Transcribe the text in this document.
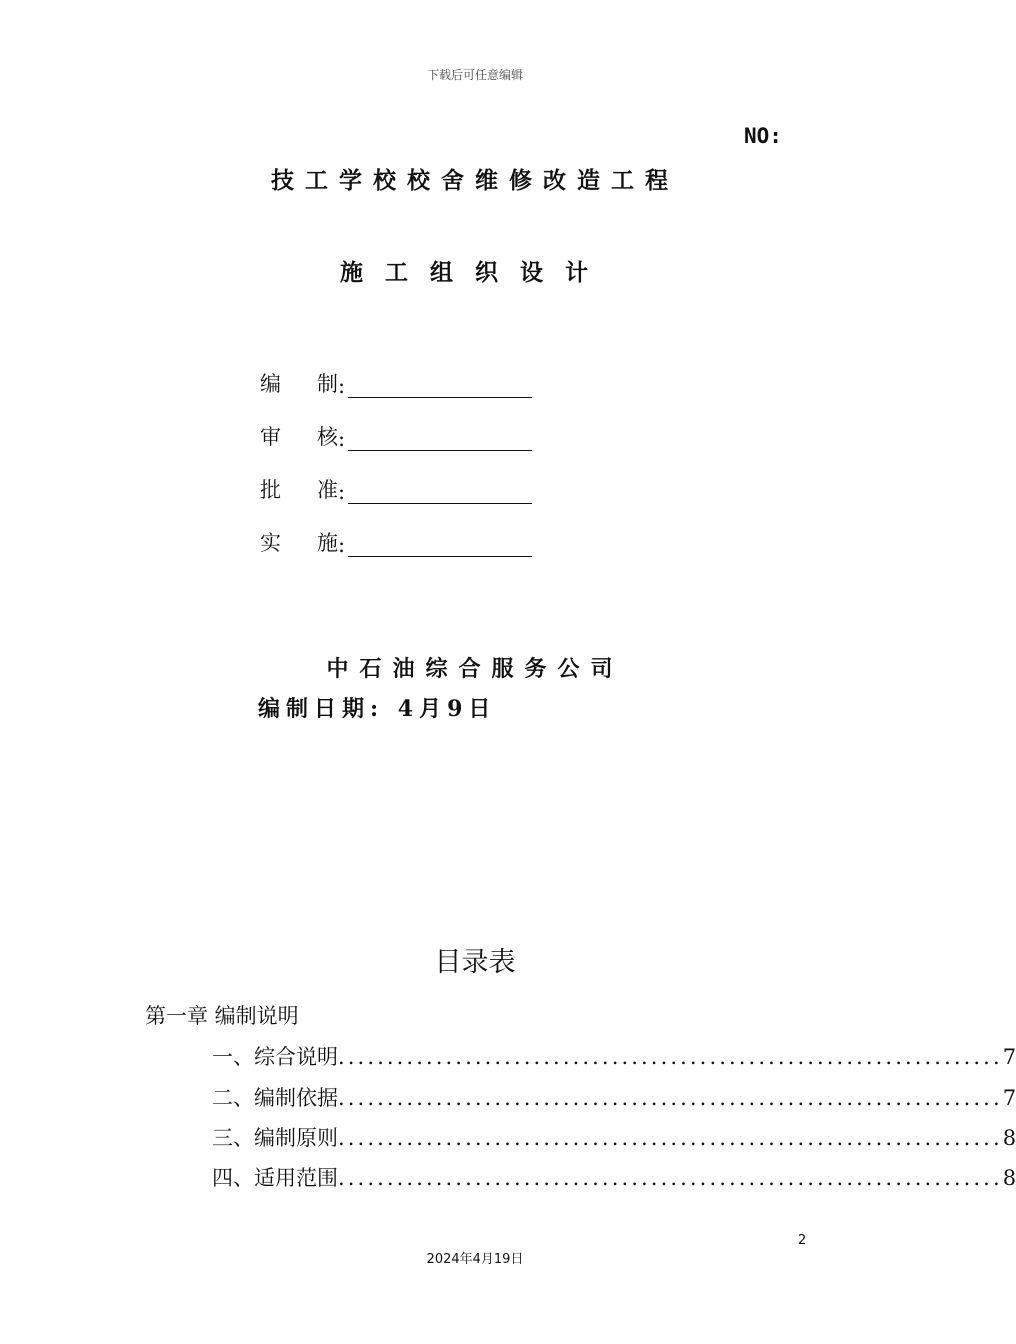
下载后可任意编辑
NO:
技工学校校舍维修改造工程
施工组织设计
编 制 :
审 核 :
批 准 :
实 施 :
中石油综合服务公司
编制日期: 4月9日
目录表
第一章 编制说明
一、综合说明 .................................................................... 7
二、编制依据 .................................................................... 7
三、编制原则 .................................................................... 8
四、适用范围 .................................................................... 8
2
2024年4月19日
